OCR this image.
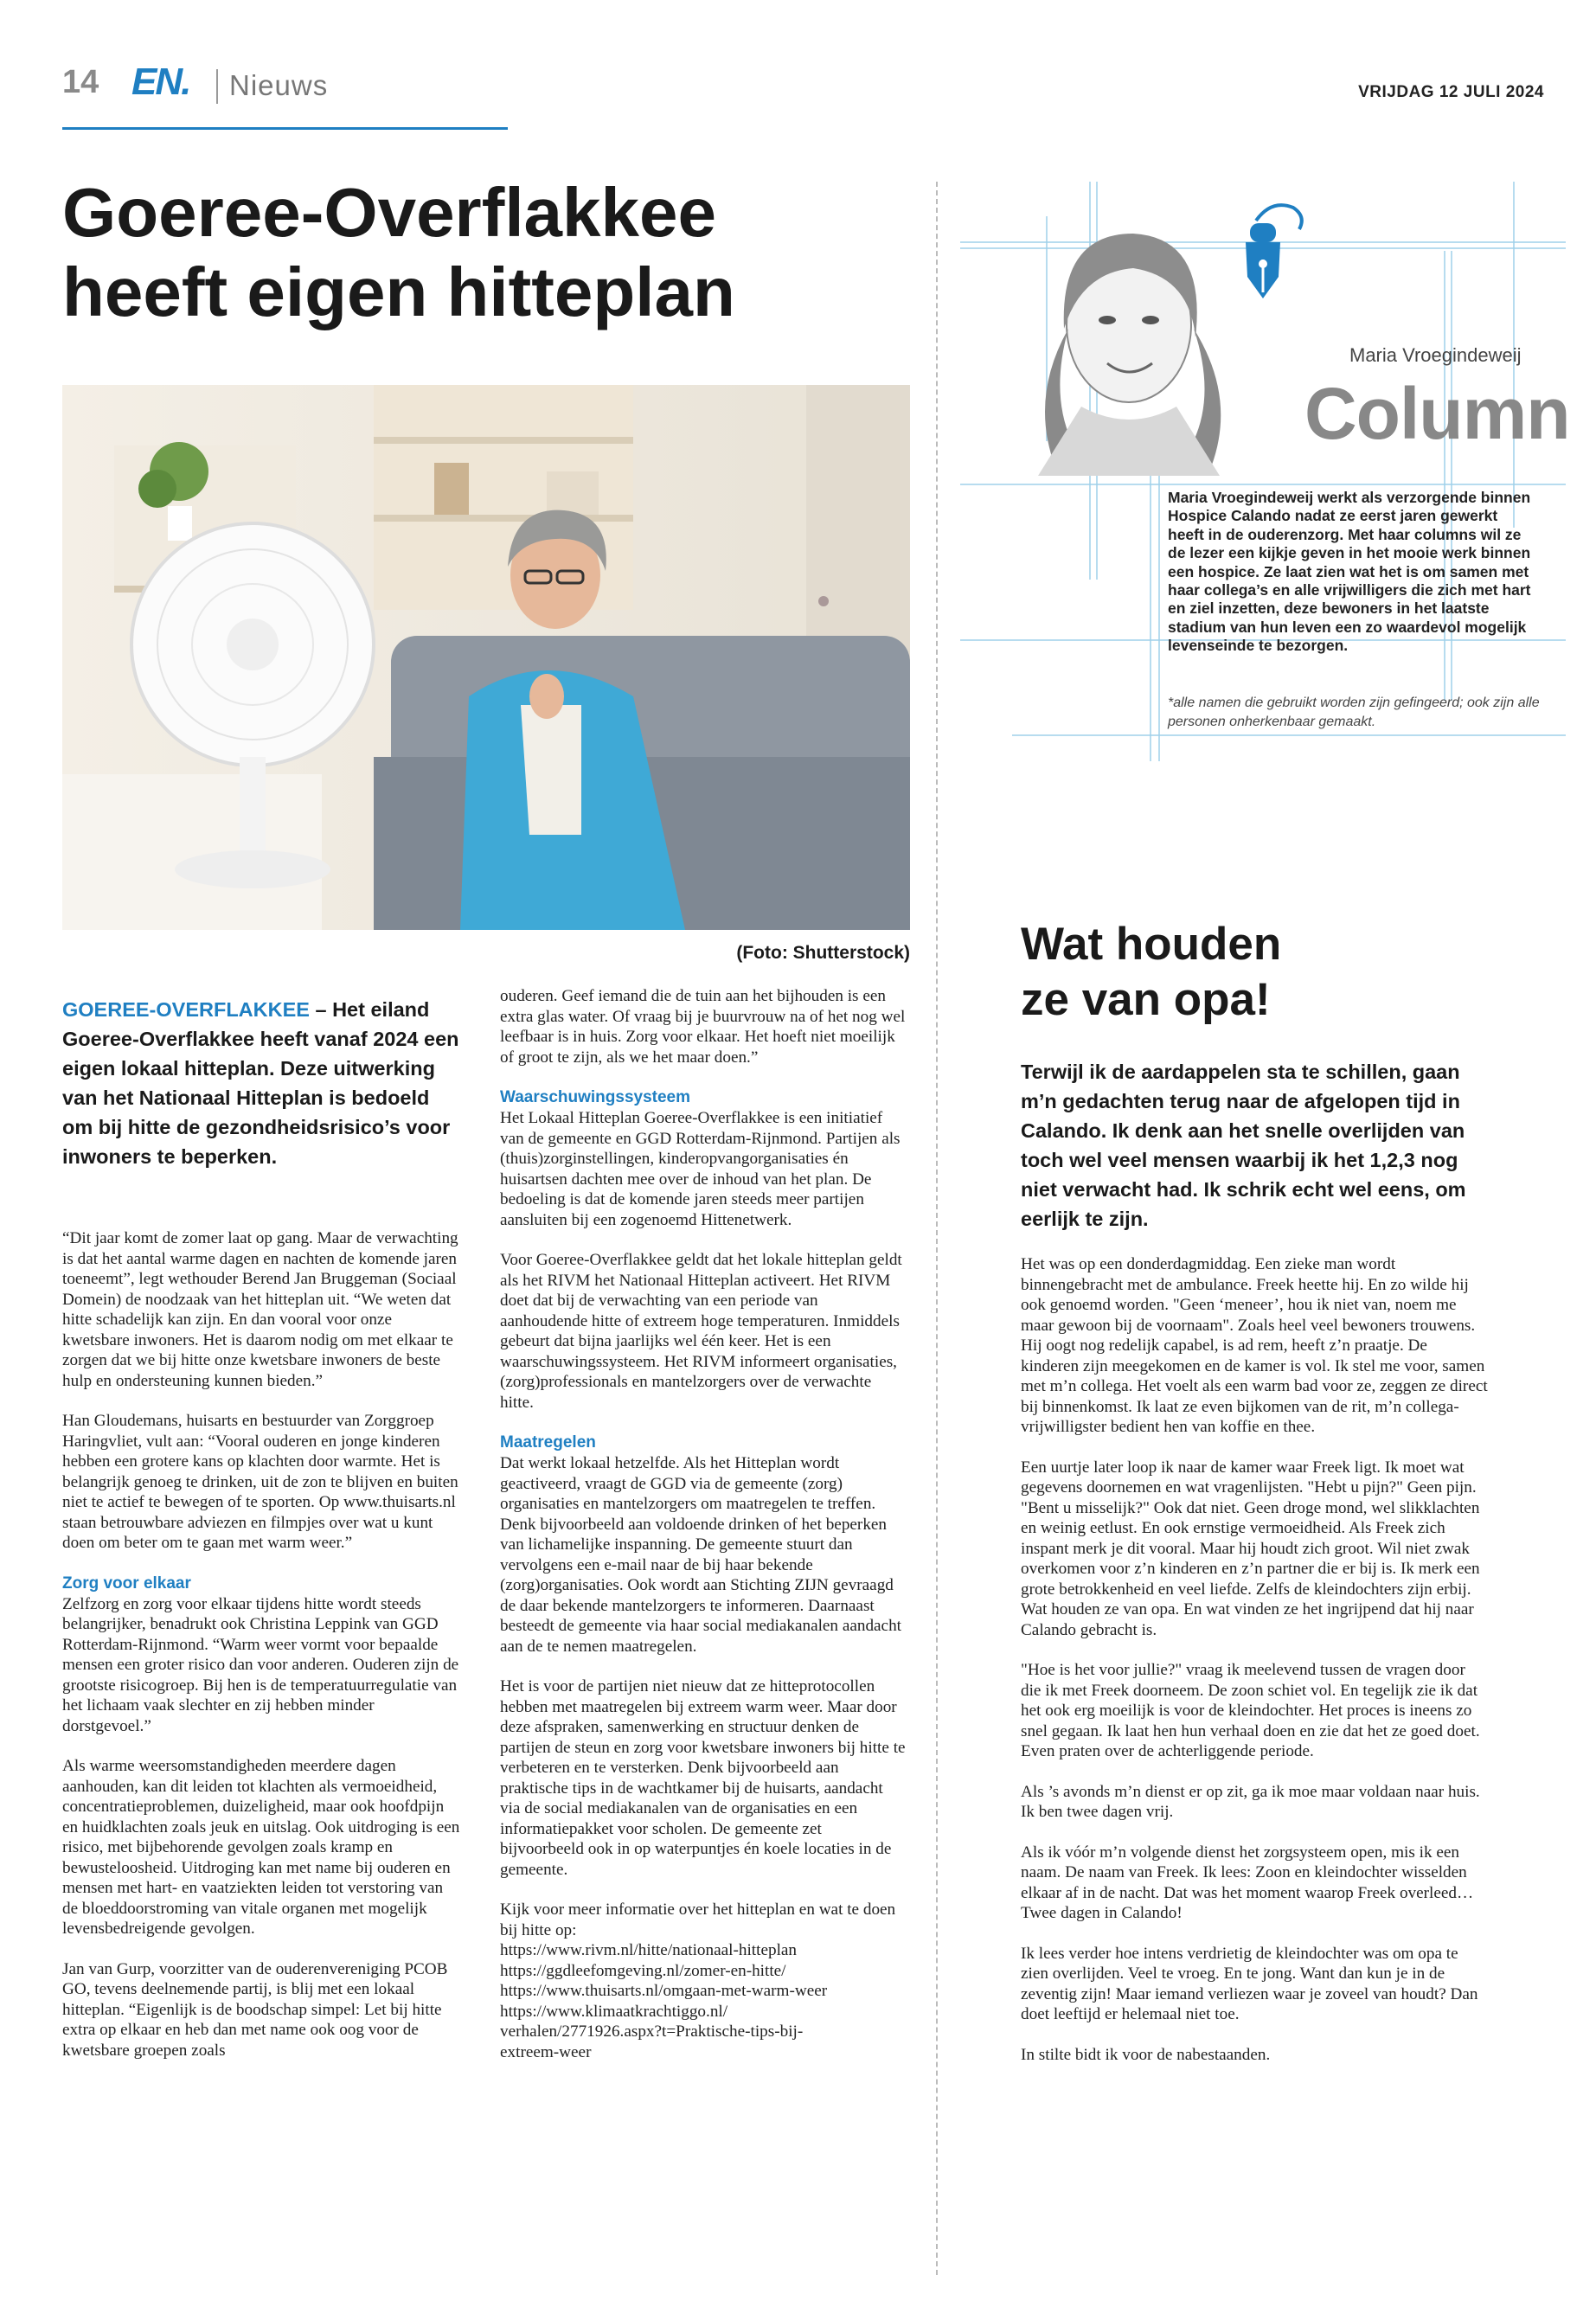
14 EN. Nieuws	VRIJDAG 12 JULI 2024
Goeree-Overflakkee
heeft eigen hitteplan
(Foto: Shutterstock)
GOEREE-OVERFLAKKEE – Het eiland Goeree-Overflakkee heeft vanaf 2024 een eigen lokaal hitteplan. Deze uitwerking van het Nationaal Hitteplan is bedoeld om bij hitte de gezondheidsrisico’s voor inwoners te beperken.

“Dit jaar komt de zomer laat op gang. Maar de verwachting is dat het aantal warme dagen en nachten de komende jaren toeneemt”, legt wethouder Berend Jan Bruggeman (Sociaal Domein) de noodzaak van het hitteplan uit. “We weten dat hitte schadelijk kan zijn. En dan vooral voor onze kwetsbare inwoners. Het is daarom nodig om met elkaar te zorgen dat we bij hitte onze kwetsbare inwoners de beste hulp en ondersteuning kunnen bieden.”

Han Gloudemans, huisarts en bestuurder van Zorggroep Haringvliet, vult aan: “Vooral ouderen en jonge kinderen hebben een grotere kans op klachten door warmte. Het is belangrijk genoeg te drinken, uit de zon te blijven en buiten niet te actief te bewegen of te sporten. Op www.thuisarts.nl staan betrouwbare adviezen en filmpjes over wat u kunt doen om beter om te gaan met warm weer.”

Zorg voor elkaar

Zelfzorg en zorg voor elkaar tijdens hitte wordt steeds belangrijker, benadrukt ook Christina Leppink van GGD Rotterdam-Rijnmond. “Warm weer vormt voor bepaalde mensen een groter risico dan voor anderen. Ouderen zijn de grootste risicogroep. Bij hen is de temperatuurregulatie van het lichaam vaak slechter en zij hebben minder dorstgevoel.”

Als warme weersomstandigheden meerdere dagen aanhouden, kan dit leiden tot klachten als vermoeidheid, concentratieproblemen, duizeligheid, maar ook hoofdpijn en huidklachten zoals jeuk en uitslag. Ook uitdroging is een risico, met bijbehorende gevolgen zoals kramp en bewusteloosheid. Uitdroging kan met name bij ouderen en mensen met hart- en vaatziekten leiden tot verstoring van de bloeddoorstroming van vitale organen met mogelijk levensbedreigende gevolgen.

Jan van Gurp, voorzitter van de ouderenvereniging PCOB GO, tevens deelnemende partij, is blij met een lokaal hitteplan. “Eigenlijk is de boodschap simpel: Let bij hitte extra op elkaar en heb dan met name ook oog voor de kwetsbare groepen zoals

ouderen. Geef iemand die de tuin aan het bijhouden is een extra glas water. Of vraag bij je buurvrouw na of het nog wel leefbaar is in huis. Zorg voor elkaar. Het hoeft niet moeilijk of groot te zijn, als we het maar doen.”

Waarschuwingssysteem

Het Lokaal Hitteplan Goeree-Overflakkee is een initiatief van de gemeente en GGD Rotterdam-Rijnmond. Partijen als (thuis)zorginstellingen, kinderopvangorganisaties én huisartsen dachten mee over de inhoud van het plan. De bedoeling is dat de komende jaren steeds meer partijen aansluiten bij een zogenoemd Hittenetwerk.

Voor Goeree-Overflakkee geldt dat het lokale hitteplan geldt als het RIVM het Nationaal Hitteplan activeert. Het RIVM doet dat bij de verwachting van een periode van aanhoudende hitte of extreem hoge temperaturen. Inmiddels gebeurt dat bijna jaarlijks wel één keer. Het is een waarschuwingssysteem. Het RIVM informeert organisaties, (zorg)professionals en mantelzorgers over de verwachte hitte.

Maatregelen

Dat werkt lokaal hetzelfde. Als het Hitteplan wordt geactiveerd, vraagt de GGD via de gemeente (zorg) organisaties en mantelzorgers om maatregelen te treffen. Denk bijvoorbeeld aan voldoende drinken of het beperken van lichamelijke inspanning. De gemeente stuurt dan vervolgens een e-mail naar de bij haar bekende (zorg)organisaties. Ook wordt aan Stichting ZIJN gevraagd de daar bekende mantelzorgers te informeren. Daarnaast besteedt de gemeente via haar social mediakanalen aandacht aan de te nemen maatregelen.

Het is voor de partijen niet nieuw dat ze hitteprotocollen hebben met maatregelen bij extreem warm weer. Maar door deze afspraken, samenwerking en structuur denken de partijen de steun en zorg voor kwetsbare inwoners bij hitte te verbeteren en te versterken. Denk bijvoorbeeld aan praktische tips in de wachtkamer bij de huisarts, aandacht via de social mediakanalen van de organisaties en een informatiepakket voor scholen. De gemeente zet bijvoorbeeld ook in op waterpuntjes én koele locaties in de gemeente.

Kijk voor meer informatie over het hitteplan en wat te doen bij hitte op:
https://www.rivm.nl/hitte/nationaal-hitteplan
https://ggdleefomgeving.nl/zomer-en-hitte/
https://www.thuisarts.nl/omgaan-met-warm-weer
https://www.klimaatkrachtiggo.nl/
verhalen/2771926.aspx?t=Praktische-tips-bij-
extreem-weer

Maria Vroegindeweij
Column
Maria Vroegindeweij werkt als verzorgende binnen Hospice Calando nadat ze eerst jaren gewerkt heeft in de ouderenzorg. Met haar columns wil ze de lezer een kijkje geven in het mooie werk binnen een hospice. Ze laat zien wat het is om samen met haar collega’s en alle vrijwilligers die zich met hart en ziel inzetten, deze bewoners in het laatste stadium van hun leven een zo waardevol mogelijk levenseinde te bezorgen.
*alle namen die gebruikt worden zijn gefingeerd; ook zijn alle personen onherkenbaar gemaakt.
Wat houden
ze van opa!
Terwijl ik de aardappelen sta te schillen, gaan m’n gedachten terug naar de afgelopen tijd in Calando. Ik denk aan het snelle overlijden van toch wel veel mensen waarbij ik het 1,2,3 nog niet verwacht had. Ik schrik echt wel eens, om eerlijk te zijn.

Het was op een donderdagmiddag. Een zieke man wordt binnengebracht met de ambulance. Freek heette hij. En zo wilde hij ook genoemd worden. "Geen ‘meneer’, hou ik niet van, noem me maar gewoon bij de voornaam". Zoals heel veel bewoners trouwens. Hij oogt nog redelijk capabel, is ad rem, heeft z’n praatje. De kinderen zijn meegekomen en de kamer is vol. Ik stel me voor, samen met m’n collega. Het voelt als een warm bad voor ze, zeggen ze direct bij binnenkomst. Ik laat ze even bijkomen van de rit, m’n collega-vrijwilligster bedient hen van koffie en thee.

Een uurtje later loop ik naar de kamer waar Freek ligt. Ik moet wat gegevens doornemen en wat vragenlijsten. "Hebt u pijn?" Geen pijn. "Bent u misselijk?" Ook dat niet. Geen droge mond, wel slikklachten en weinig eetlust. En ook ernstige vermoeidheid. Als Freek zich inspant merk je dit vooral. Maar hij houdt zich groot. Wil niet zwak overkomen voor z’n kinderen en z’n partner die er bij is. Ik merk een grote betrokkenheid en veel liefde. Zelfs de kleindochters zijn erbij. Wat houden ze van opa. En wat vinden ze het ingrijpend dat hij naar Calando gebracht is.

"Hoe is het voor jullie?" vraag ik meelevend tussen de vragen door die ik met Freek doorneem. De zoon schiet vol. En tegelijk zie ik dat het ook erg moeilijk is voor de kleindochter. Het proces is ineens zo snel gegaan. Ik laat hen hun verhaal doen en zie dat het ze goed doet. Even praten over de achterliggende periode.

Als ’s avonds m’n dienst er op zit, ga ik moe maar voldaan naar huis. Ik ben twee dagen vrij.

Als ik vóór m’n volgende dienst het zorgsysteem open, mis ik een naam. De naam van Freek. Ik lees: Zoon en kleindochter wisselden elkaar af in de nacht. Dat was het moment waarop Freek overleed…Twee dagen in Calando!

Ik lees verder hoe intens verdrietig de kleindochter was om opa te zien overlijden. Veel te vroeg. En te jong. Want dan kun je in de zeventig zijn! Maar iemand verliezen waar je zoveel van houdt? Dan doet leeftijd er helemaal niet toe.

In stilte bidt ik voor de nabestaanden.
